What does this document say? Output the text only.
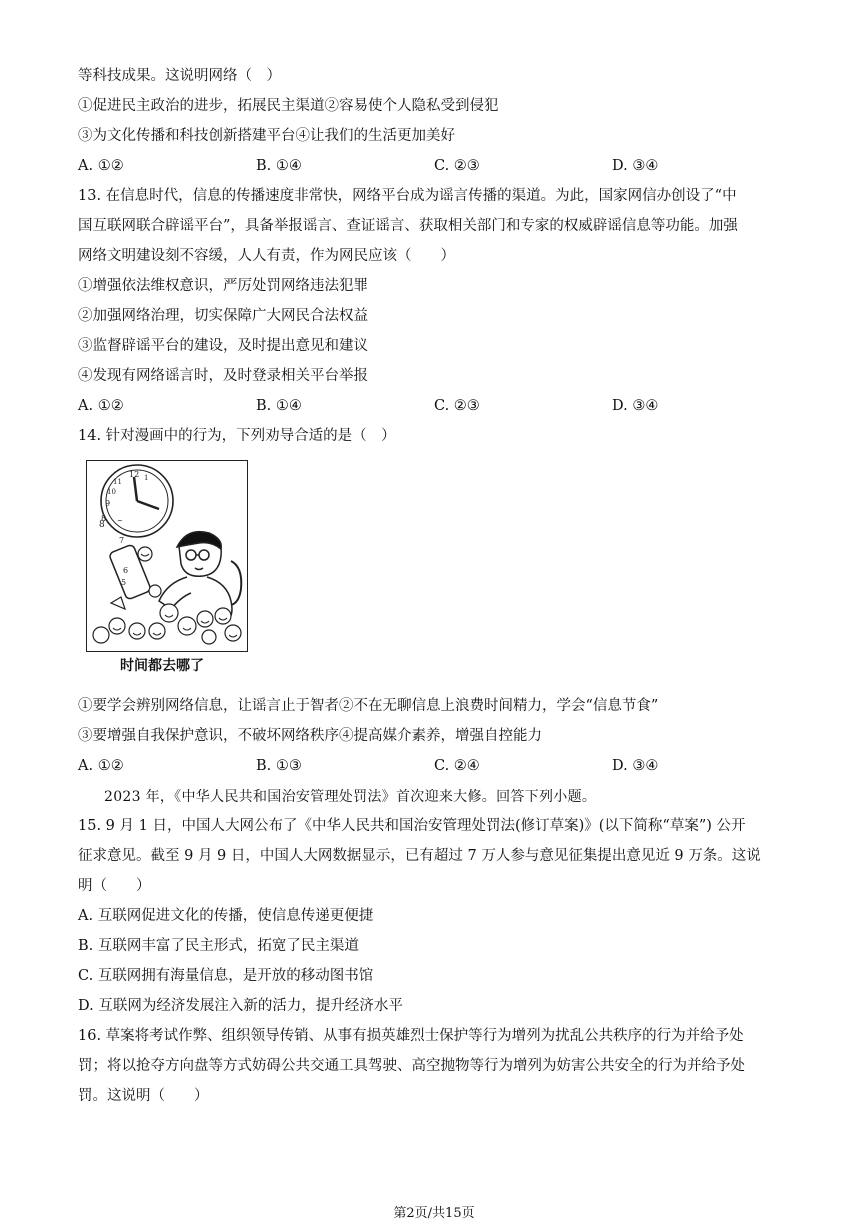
等科技成果。这说明网络（　）
①促进民主政治的进步，拓展民主渠道②容易使个人隐私受到侵犯
③为文化传播和科技创新搭建平台④让我们的生活更加美好
A. ①②	B. ①④	C. ②③	D. ③④
13. 在信息时代，信息的传播速度非常快，网络平台成为谣言传播的渠道。为此，国家网信办创设了“中
国互联网联合辟谣平台”，具备举报谣言、查证谣言、获取相关部门和专家的权威辟谣信息等功能。加强
网络文明建设刻不容缓，人人有责，作为网民应该（　　）
①增强依法维权意识，严厉处罚网络违法犯罪
②加强网络治理，切实保障广大网民合法权益
③监督辟谣平台的建设，及时提出意见和建议
④发现有网络谣言时，及时登录相关平台举报
A. ①②	B. ①④	C. ②③	D. ③④
14. 针对漫画中的行为，下列劝导合适的是（　）
12 1
11
10
9
8 ~
8
7
6
5
时间都去哪了
①要学会辨别网络信息，让谣言止于智者②不在无聊信息上浪费时间精力，学会“信息节食”
③要增强自我保护意识，不破坏网络秩序④提高媒介素养，增强自控能力
A. ①②	B. ①③	C. ②④	D. ③④
2023 年，《中华人民共和国治安管理处罚法》首次迎来大修。回答下列小题。
15. 9 月 1 日，中国人大网公布了《中华人民共和国治安管理处罚法(修订草案)》(以下简称“草案”) 公开
征求意见。截至 9 月 9 日，中国人大网数据显示，已有超过 7 万人参与意见征集提出意见近 9 万条。这说
明（　　）
A. 互联网促进文化的传播，使信息传递更便捷
B. 互联网丰富了民主形式，拓宽了民主渠道
C. 互联网拥有海量信息，是开放的移动图书馆
D. 互联网为经济发展注入新的活力，提升经济水平
16. 草案将考试作弊、组织领导传销、从事有损英雄烈士保护等行为增列为扰乱公共秩序的行为并给予处
罚；将以抢夺方向盘等方式妨碍公共交通工具驾驶、高空抛物等行为增列为妨害公共安全的行为并给予处
罚。这说明（　　）
第2页/共15页
